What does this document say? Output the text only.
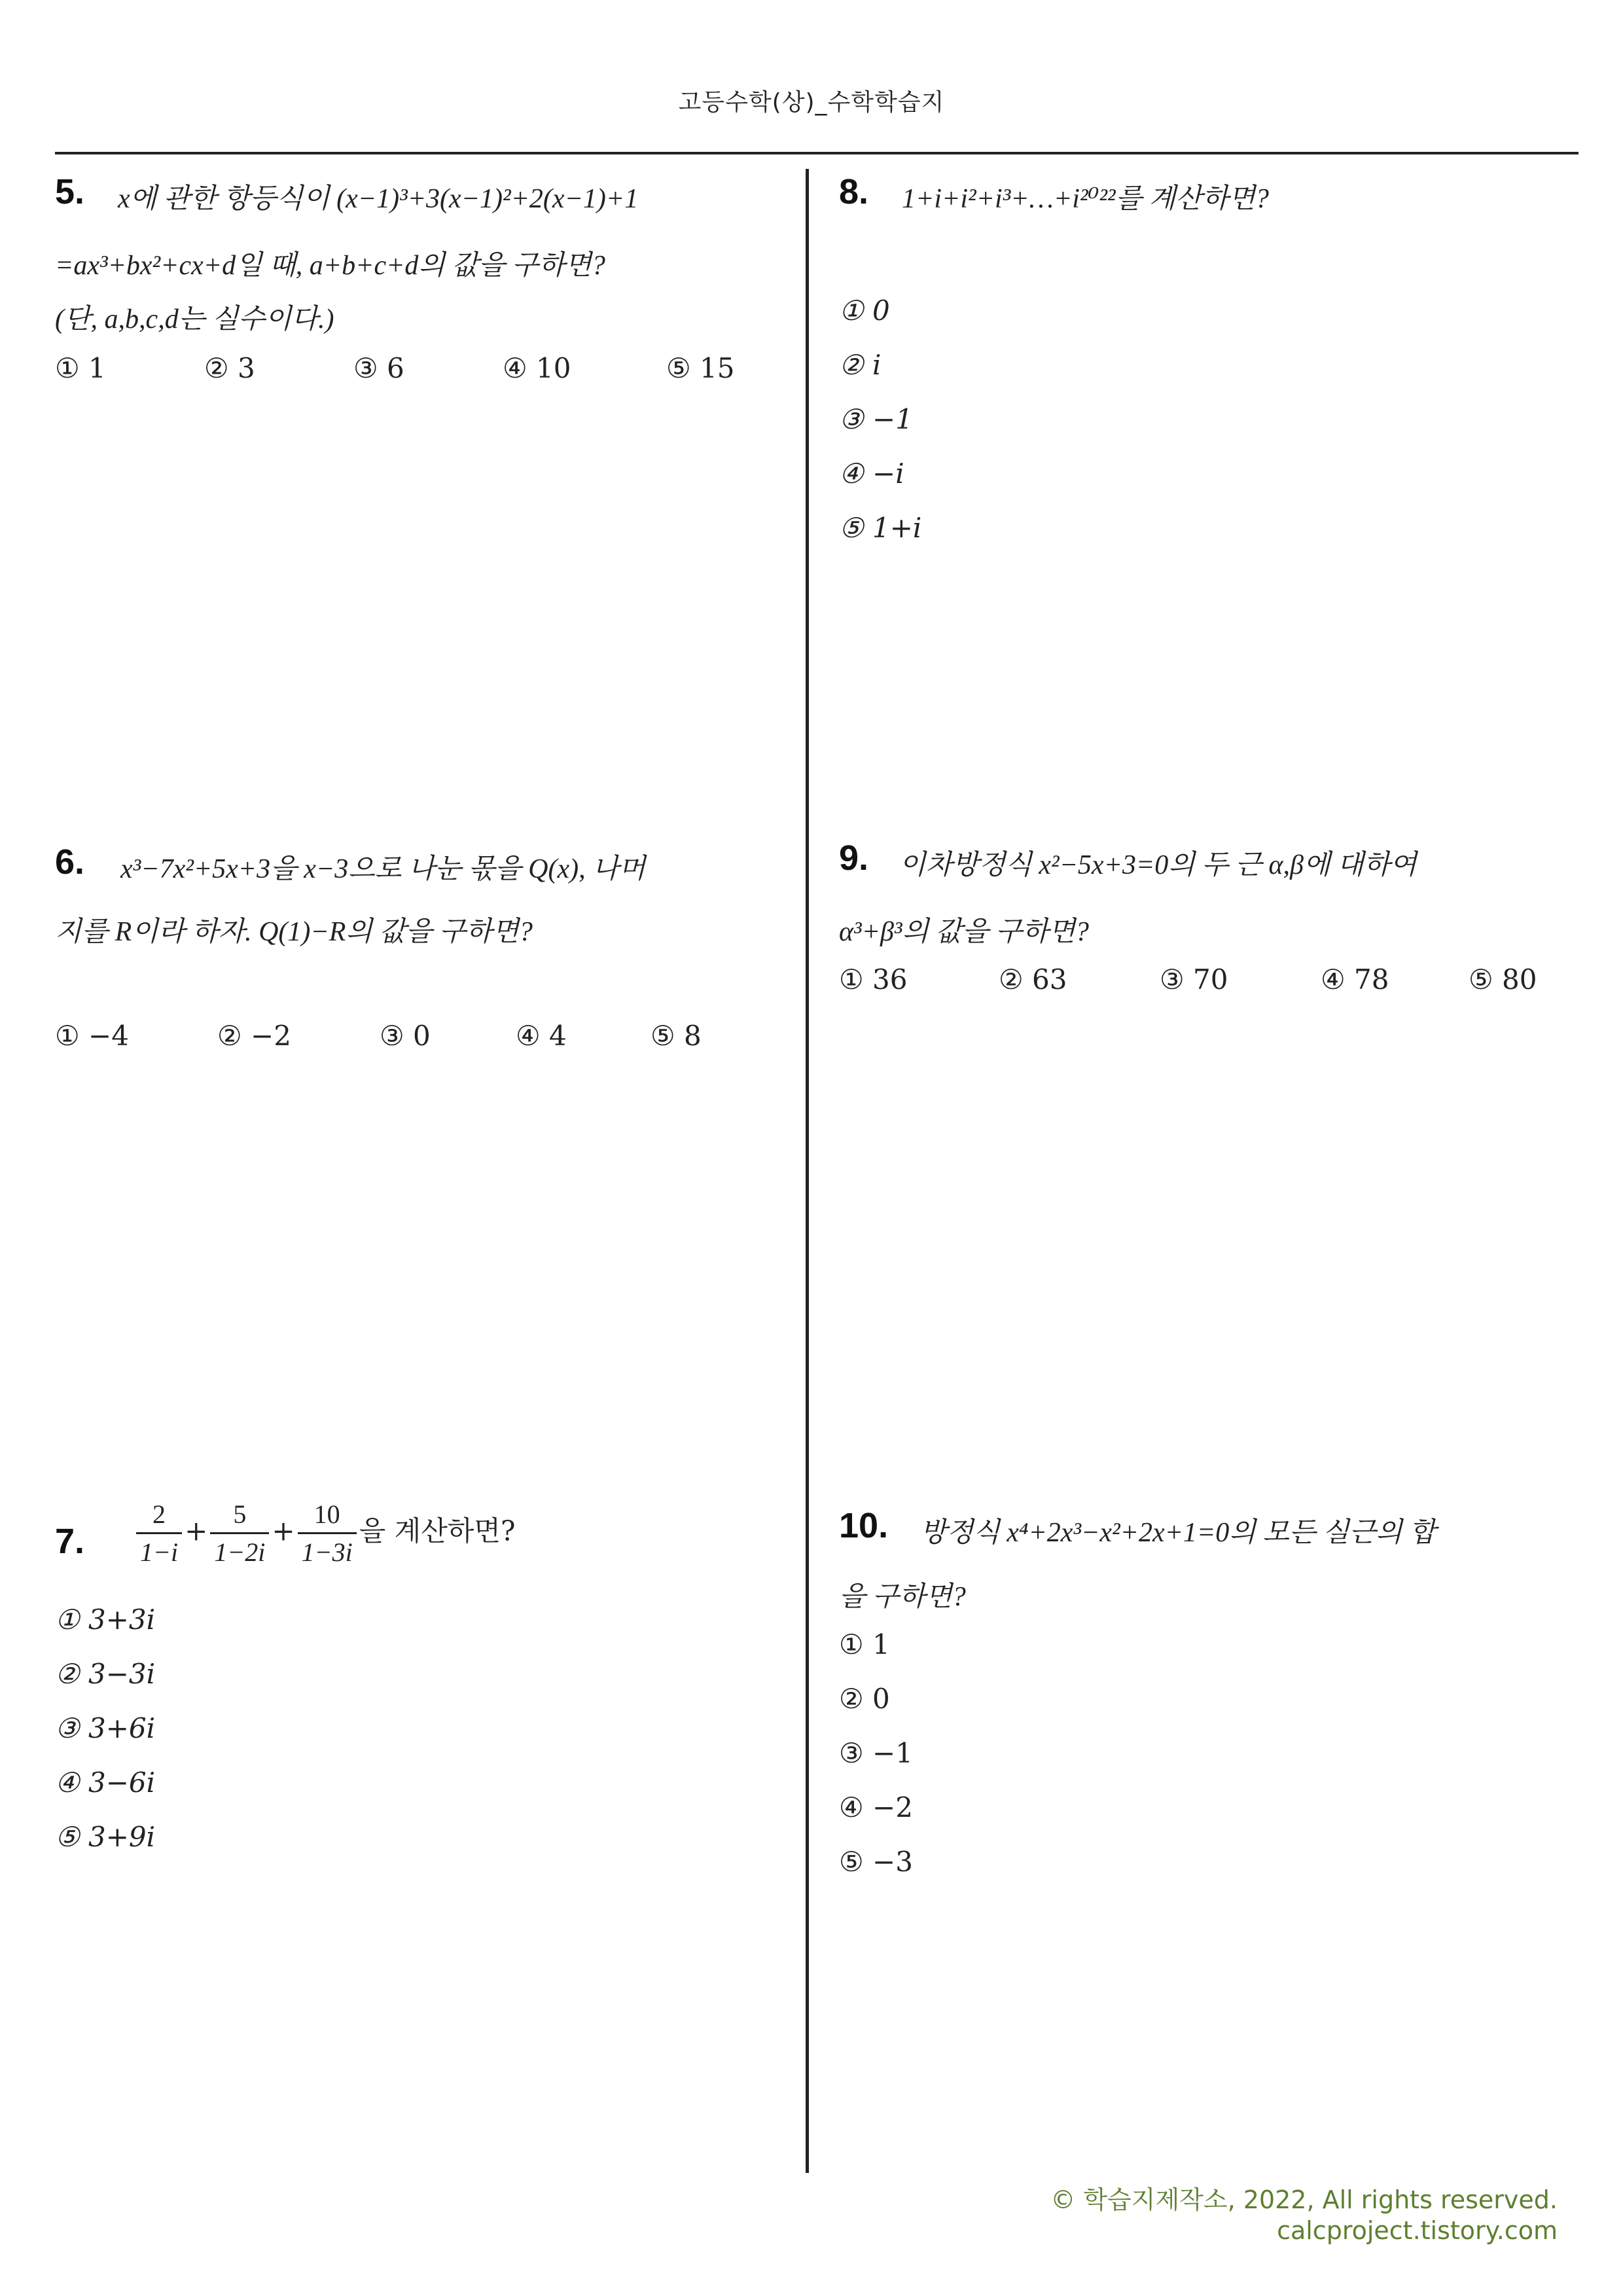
고등수학(상)_수학학습지
5. x에 관한 항등식이 (x−1)³+3(x−1)²+2(x−1)+1
=ax³+bx²+cx+d일 때, a+b+c+d의 값을 구하면?
(단, a,b,c,d는 실수이다.)
① 1	② 3	③ 6	④ 10	⑤ 15
6. x³−7x²+5x+3을 x−3으로 나눈 몫을 Q(x), 나머
지를 R이라 하자. Q(1)−R의 값을 구하면?
① −4	② −2	③ 0	④ 4	⑤ 8
7. $\frac{2}{1-i} + \frac{5}{1-2i} + \frac{10}{1-3i}$ 을 계산하면?
① 3+3i
② 3−3i
③ 3+6i
④ 3−6i
⑤ 3+9i
8. 1+i+i²+i³+…+i²⁰²²를 계산하면?
① 0
② i
③ −1
④ −i
⑤ 1+i
9. 이차방정식 x²−5x+3=0의 두 근 α,β에 대하여
α³+β³의 값을 구하면?
① 36	② 63	③ 70	④ 78	⑤ 80
10. 방정식 x⁴+2x³−x²+2x+1=0의 모든 실근의 합
을 구하면?
① 1
② 0
③ −1
④ −2
⑤ −3
© 학습지제작소, 2022, All rights reserved.
calcproject.tistory.com
